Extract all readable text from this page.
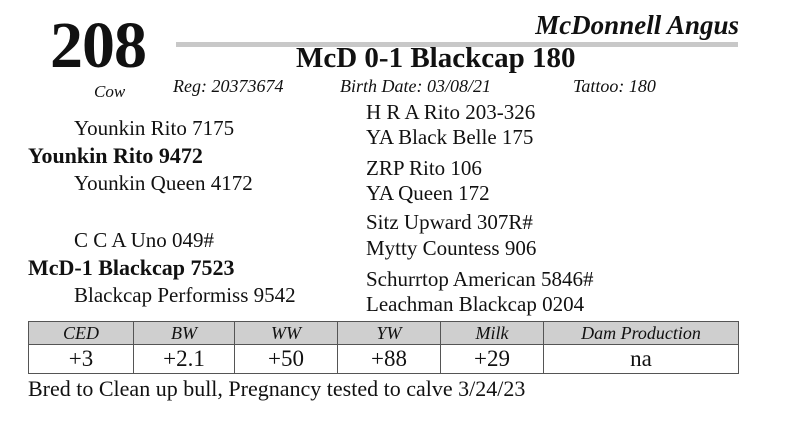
208	McDonnell Angus
McD 0-1 Blackcap 180
Cow	Reg: 20373674	Birth Date: 03/08/21	Tattoo: 180
Younkin Rito 7175
Younkin Rito 9472
Younkin Queen 4172
C C A Uno 049#
McD-1 Blackcap 7523
Blackcap Performiss 9542
H R A Rito 203-326
YA Black Belle 175
ZRP Rito 106
YA Queen 172
Sitz Upward 307R#
Mytty Countess 906
Schurrtop American 5846#
Leachman Blackcap 0204
CED	BW	WW	YW	Milk	Dam Production
+3	+2.1	+50	+88	+29	na
Bred to Clean up bull, Pregnancy tested to calve 3/24/23
